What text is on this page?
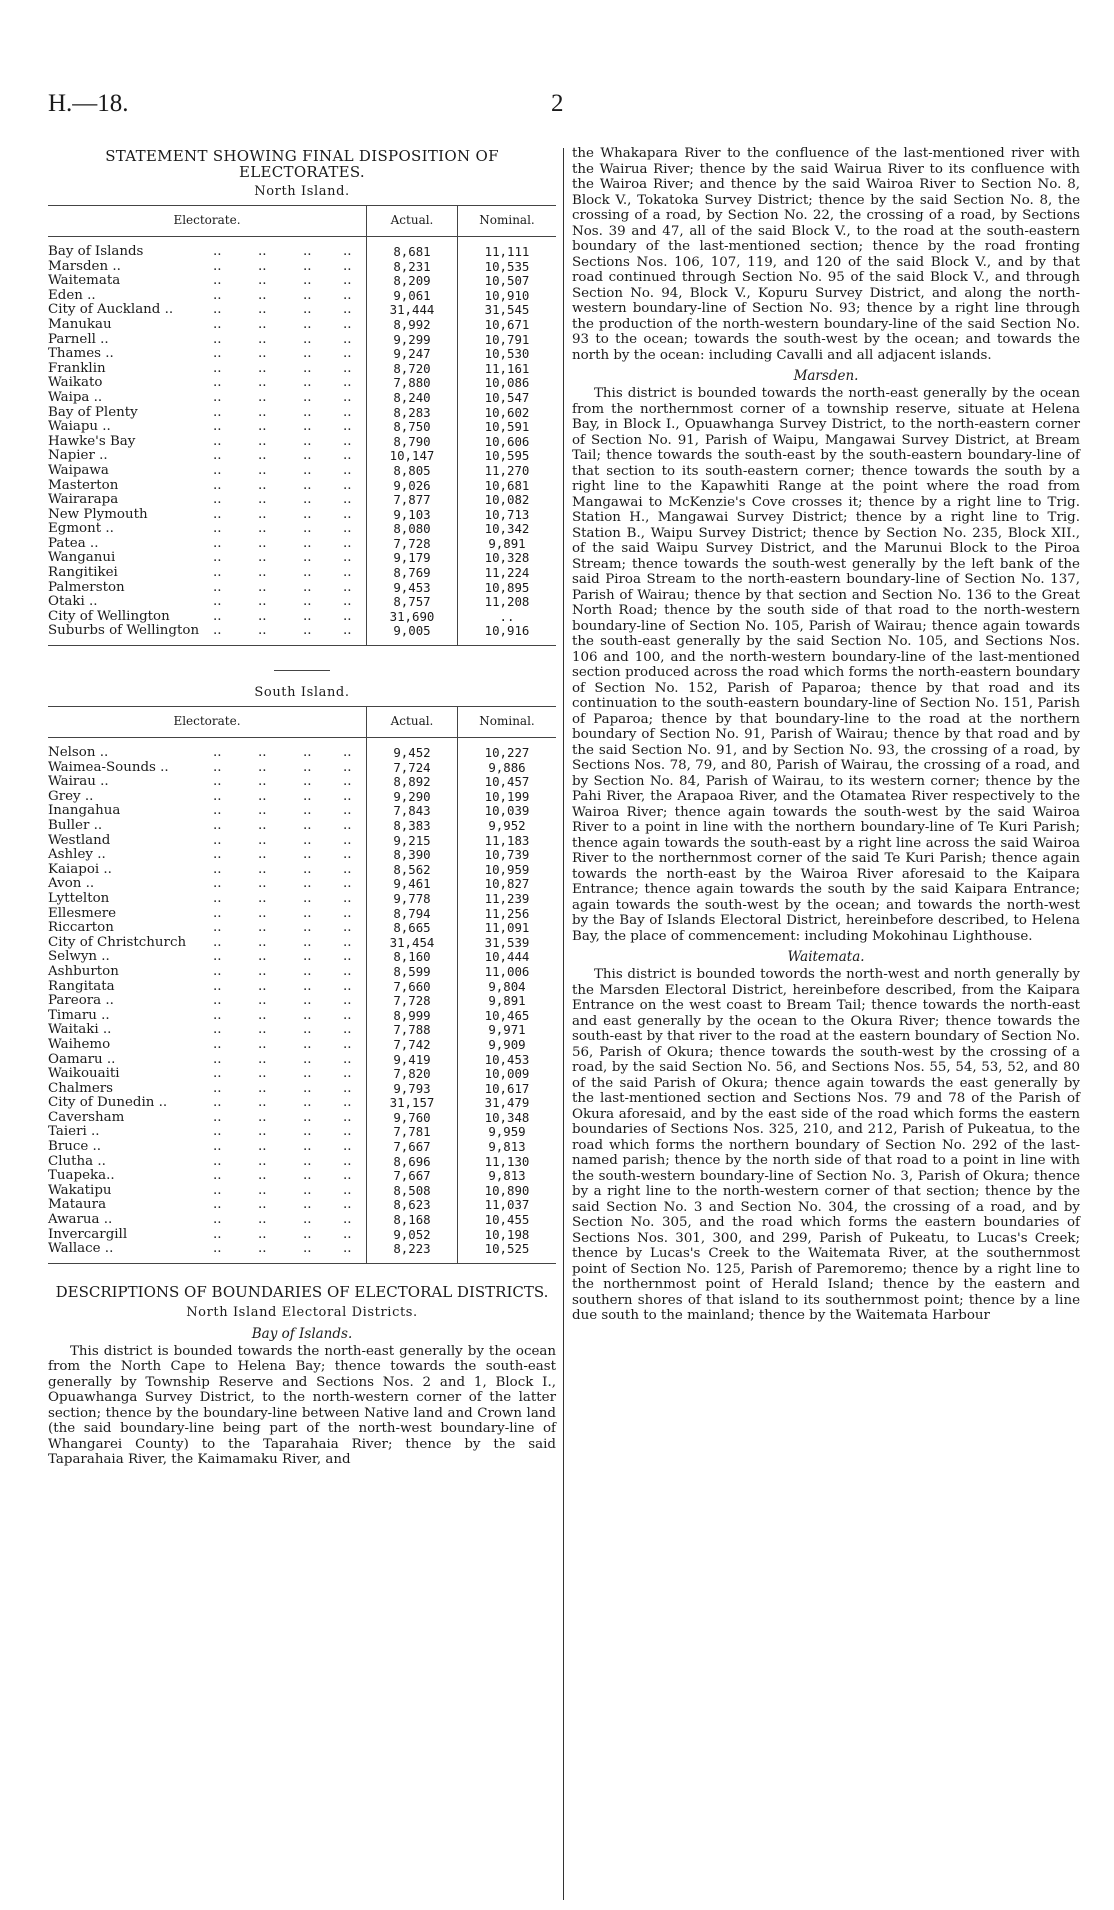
H.—18.	2
STATEMENT SHOWING FINAL DISPOSITION OF ELECTORATES.
North Island.
Electorate.	Actual.	Nominal.

Bay of Islands .. .. .. ..	8,681	11,111
Marsden .. .. .. .. ..	8,231	10,535
Waitemata .. .. .. ..	8,209	10,507
Eden .. .. .. .. ..	9,061	10,910
City of Auckland .. .. .. .. ..	31,444	31,545
Manukau .. .. .. ..	8,992	10,671
Parnell .. .. .. .. ..	9,299	10,791
Thames .. .. .. .. ..	9,247	10,530
Franklin .. .. .. ..	8,720	11,161
Waikato .. .. .. ..	7,880	10,086
Waipa .. .. .. .. ..	8,240	10,547
Bay of Plenty .. .. .. ..	8,283	10,602
Waiapu .. .. .. .. ..	8,750	10,591
Hawke's Bay .. .. .. ..	8,790	10,606
Napier .. .. .. .. ..	10,147	10,595
Waipawa .. .. .. ..	8,805	11,270
Masterton .. .. .. ..	9,026	10,681
Wairarapa .. .. .. ..	7,877	10,082
New Plymouth .. .. .. ..	9,103	10,713
Egmont .. .. .. .. ..	8,080	10,342
Patea .. .. .. .. ..	7,728	9,891
Wanganui .. .. .. ..	9,179	10,328
Rangitikei .. .. .. ..	8,769	11,224
Palmerston .. .. .. ..	9,453	10,895
Otaki .. .. .. .. ..	8,757	11,208
City of Wellington .. .. .. ..	31,690	..
Suburbs of Wellington .. .. .. ..	9,005	10,916
South Island.
Electorate.	Actual.	Nominal.

Nelson .. .. .. .. ..	9,452	10,227
Waimea-Sounds .. .. .. .. ..	7,724	9,886
Wairau .. .. .. .. ..	8,892	10,457
Grey .. .. .. .. ..	9,290	10,199
Inangahua .. .. .. ..	7,843	10,039
Buller .. .. .. .. ..	8,383	9,952
Westland .. .. .. ..	9,215	11,183
Ashley .. .. .. .. ..	8,390	10,739
Kaiapoi .. .. .. .. ..	8,562	10,959
Avon .. .. .. .. ..	9,461	10,827
Lyttelton .. .. .. ..	9,778	11,239
Ellesmere .. .. .. ..	8,794	11,256
Riccarton .. .. .. ..	8,665	11,091
City of Christchurch .. .. .. ..	31,454	31,539
Selwyn .. .. .. .. ..	8,160	10,444
Ashburton .. .. .. ..	8,599	11,006
Rangitata .. .. .. ..	7,660	9,804
Pareora .. .. .. .. ..	7,728	9,891
Timaru .. .. .. .. ..	8,999	10,465
Waitaki .. .. .. .. ..	7,788	9,971
Waihemo .. .. .. ..	7,742	9,909
Oamaru .. .. .. .. ..	9,419	10,453
Waikouaiti .. .. .. ..	7,820	10,009
Chalmers .. .. .. ..	9,793	10,617
City of Dunedin .. .. .. .. ..	31,157	31,479
Caversham .. .. .. ..	9,760	10,348
Taieri .. .. .. .. ..	7,781	9,959
Bruce .. .. .. .. ..	7,667	9,813
Clutha .. .. .. .. ..	8,696	11,130
Tuapeka.. .. .. .. ..	7,667	9,813
Wakatipu .. .. .. ..	8,508	10,890
Mataura .. .. .. ..	8,623	11,037
Awarua .. .. .. .. ..	8,168	10,455
Invercargill .. .. .. ..	9,052	10,198
Wallace .. .. .. .. ..	8,223	10,525
DESCRIPTIONS OF BOUNDARIES OF ELECTORAL DISTRICTS.
North Island Electoral Districts.
Bay of Islands.

This district is bounded towards the north-east generally by the ocean from the North Cape to Helena Bay; thence towards the south-east generally by Township Reserve and Sections Nos. 2 and 1, Block I., Opuawhanga Survey District, to the north-western corner of the latter section; thence by the boundary-line between Native land and Crown land (the said boundary-line being part of the north-west boundary-line of Whangarei County) to the Taparahaia River; thence by the said Taparahaia River, the Kaimamaku River, and

the Whakapara River to the confluence of the last-mentioned river with the Wairua River; thence by the said Wairua River to its confluence with the Wairoa River; and thence by the said Wairoa River to Section No. 8, Block V., Tokatoka Survey District; thence by the said Section No. 8, the crossing of a road, by Section No. 22, the crossing of a road, by Sections Nos. 39 and 47, all of the said Block V., to the road at the south-eastern boundary of the last-mentioned section; thence by the road fronting Sections Nos. 106, 107, 119, and 120 of the said Block V., and by that road continued through Section No. 95 of the said Block V., and through Section No. 94, Block V., Kopuru Survey District, and along the north-western boundary-line of Section No. 93; thence by a right line through the production of the north-western boundary-line of the said Section No. 93 to the ocean; towards the south-west by the ocean; and towards the north by the ocean: including Cavalli and all adjacent islands.

Marsden.

This district is bounded towards the north-east generally by the ocean from the northernmost corner of a township reserve, situate at Helena Bay, in Block I., Opuawhanga Survey District, to the north-eastern corner of Section No. 91, Parish of Waipu, Mangawai Survey District, at Bream Tail; thence towards the south-east by the south-eastern boundary-line of that section to its south-eastern corner; thence towards the south by a right line to the Kapawhiti Range at the point where the road from Mangawai to McKenzie's Cove crosses it; thence by a right line to Trig. Station H., Mangawai Survey District; thence by a right line to Trig. Station B., Waipu Survey District; thence by Section No. 235, Block XII., of the said Waipu Survey District, and the Marunui Block to the Piroa Stream; thence towards the south-west generally by the left bank of the said Piroa Stream to the north-eastern boundary-line of Section No. 137, Parish of Wairau; thence by that section and Section No. 136 to the Great North Road; thence by the south side of that road to the north-western boundary-line of Section No. 105, Parish of Wairau; thence again towards the south-east generally by the said Section No. 105, and Sections Nos. 106 and 100, and the north-western boundary-line of the last-mentioned section produced across the road which forms the north-eastern boundary of Section No. 152, Parish of Paparoa; thence by that road and its continuation to the south-eastern boundary-line of Section No. 151, Parish of Paparoa; thence by that boundary-line to the road at the northern boundary of Section No. 91, Parish of Wairau; thence by that road and by the said Section No. 91, and by Section No. 93, the crossing of a road, by Sections Nos. 78, 79, and 80, Parish of Wairau, the crossing of a road, and by Section No. 84, Parish of Wairau, to its western corner; thence by the Pahi River, the Arapaoa River, and the Otamatea River respectively to the Wairoa River; thence again towards the south-west by the said Wairoa River to a point in line with the northern boundary-line of Te Kuri Parish; thence again towards the south-east by a right line across the said Wairoa River to the northernmost corner of the said Te Kuri Parish; thence again towards the north-east by the Wairoa River aforesaid to the Kaipara Entrance; thence again towards the south by the said Kaipara Entrance; again towards the south-west by the ocean; and towards the north-west by the Bay of Islands Electoral District, hereinbefore described, to Helena Bay, the place of commencement: including Mokohinau Lighthouse.

Waitemata.

This district is bounded towords the north-west and north generally by the Marsden Electoral District, hereinbefore described, from the Kaipara Entrance on the west coast to Bream Tail; thence towards the north-east and east generally by the ocean to the Okura River; thence towards the south-east by that river to the road at the eastern boundary of Section No. 56, Parish of Okura; thence towards the south-west by the crossing of a road, by the said Section No. 56, and Sections Nos. 55, 54, 53, 52, and 80 of the said Parish of Okura; thence again towards the east generally by the last-mentioned section and Sections Nos. 79 and 78 of the Parish of Okura aforesaid, and by the east side of the road which forms the eastern boundaries of Sections Nos. 325, 210, and 212, Parish of Pukeatua, to the road which forms the northern boundary of Section No. 292 of the last-named parish; thence by the north side of that road to a point in line with the south-western boundary-line of Section No. 3, Parish of Okura; thence by a right line to the north-western corner of that section; thence by the said Section No. 3 and Section No. 304, the crossing of a road, and by Section No. 305, and the road which forms the eastern boundaries of Sections Nos. 301, 300, and 299, Parish of Pukeatu, to Lucas's Creek; thence by Lucas's Creek to the Waitemata River, at the southernmost point of Section No. 125, Parish of Paremoremo; thence by a right line to the northernmost point of Herald Island; thence by the eastern and southern shores of that island to its southernmost point; thence by a line due south to the mainland; thence by the Waitemata Harbour
